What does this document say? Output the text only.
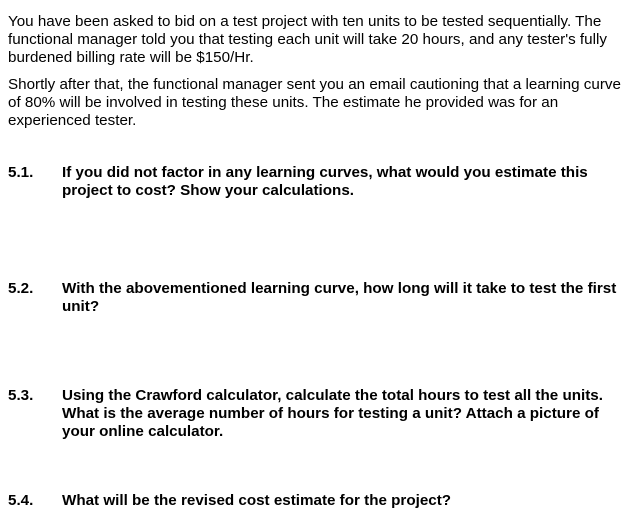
You have been asked to bid on a test project with ten units to be tested sequentially. The functional manager told you that testing each unit will take 20 hours, and any tester's fully burdened billing rate will be $150/Hr.

Shortly after that, the functional manager sent you an email cautioning that a learning curve of 80% will be involved in testing these units. The estimate he provided was for an experienced tester.

5.1. If you did not factor in any learning curves, what would you estimate this project to cost? Show your calculations.
5.2. With the abovementioned learning curve, how long will it take to test the first unit?
5.3. Using the Crawford calculator, calculate the total hours to test all the units. What is the average number of hours for testing a unit? Attach a picture of your online calculator.
5.4. What will be the revised cost estimate for the project?
